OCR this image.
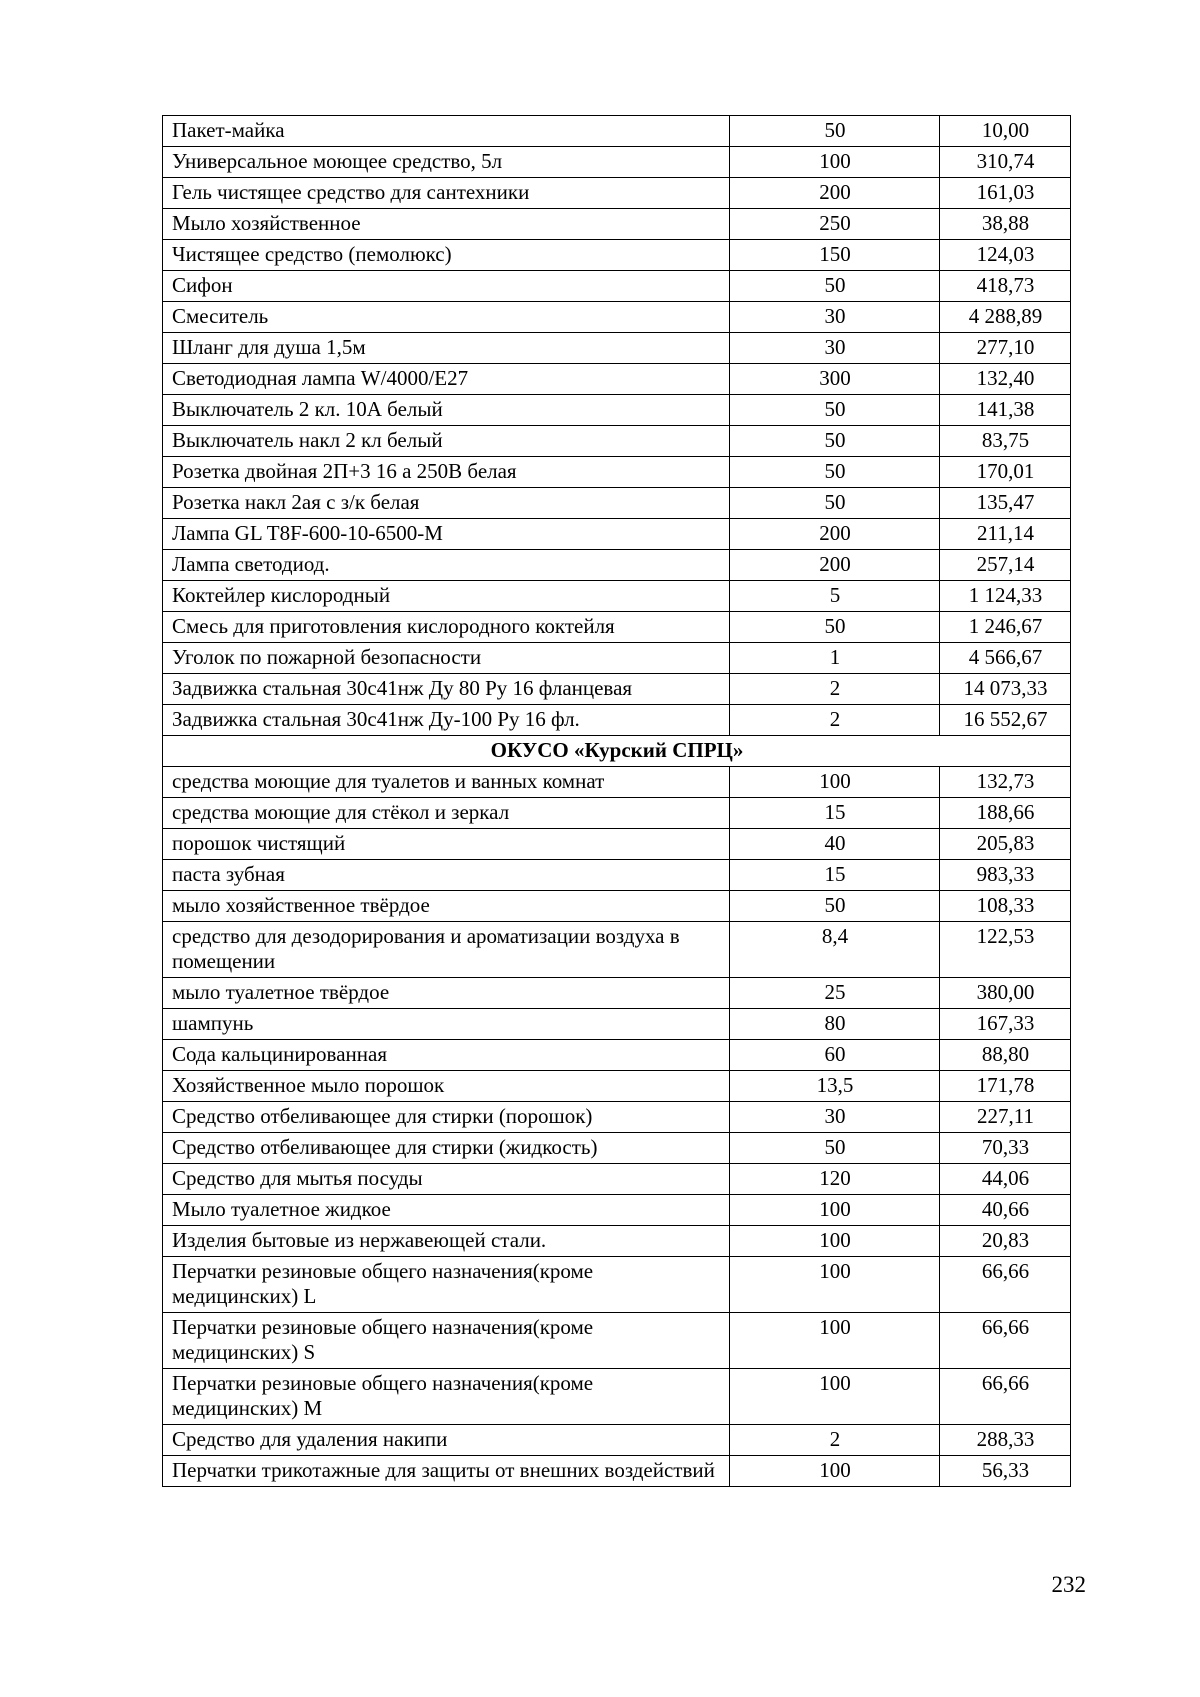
Пакет-майка	50	10,00
Универсальное моющее средство, 5л	100	310,74
Гель чистящее средство для сантехники	200	161,03
Мыло хозяйственное	250	38,88
Чистящее средство (пемолюкс)	150	124,03
Сифон	50	418,73
Смеситель	30	4 288,89
Шланг для душа 1,5м	30	277,10
Светодиодная лампа W/4000/E27	300	132,40
Выключатель 2 кл. 10А белый	50	141,38
Выключатель накл 2 кл белый	50	83,75
Розетка двойная 2П+3 16 а 250В белая	50	170,01
Розетка накл 2ая с з/к белая	50	135,47
Лампа GL T8F-600-10-6500-M	200	211,14
Лампа светодиод.	200	257,14
Коктейлер кислородный	5	1 124,33
Смесь для приготовления кислородного коктейля	50	1 246,67
Уголок по пожарной безопасности	1	4 566,67
Задвижка стальная 30с41нж Ду 80 Ру 16 фланцевая	2	14 073,33
Задвижка стальная 30с41нж Ду-100 Ру 16 фл.	2	16 552,67
ОКУСО «Курский СПРЦ»		
средства моющие для туалетов и ванных комнат	100	132,73
средства моющие для стёкол и зеркал	15	188,66
порошок чистящий	40	205,83
паста зубная	15	983,33
мыло хозяйственное твёрдое	50	108,33
средство для дезодорирования и ароматизации воздуха в помещении	8,4	122,53
мыло туалетное твёрдое	25	380,00
шампунь	80	167,33
Сода кальцинированная	60	88,80
Хозяйственное мыло порошок	13,5	171,78
Средство отбеливающее для стирки (порошок)	30	227,11
Средство отбеливающее для стирки (жидкость)	50	70,33
Средство для мытья посуды	120	44,06
Мыло туалетное жидкое	100	40,66
Изделия бытовые из нержавеющей стали.	100	20,83
Перчатки резиновые общего назначения(кроме медицинских) L	100	66,66
Перчатки резиновые общего назначения(кроме медицинских) S	100	66,66
Перчатки резиновые общего назначения(кроме медицинских) M	100	66,66
Средство для удаления накипи	2	288,33
Перчатки трикотажные для защиты от внешних воздействий	100	56,33
232
